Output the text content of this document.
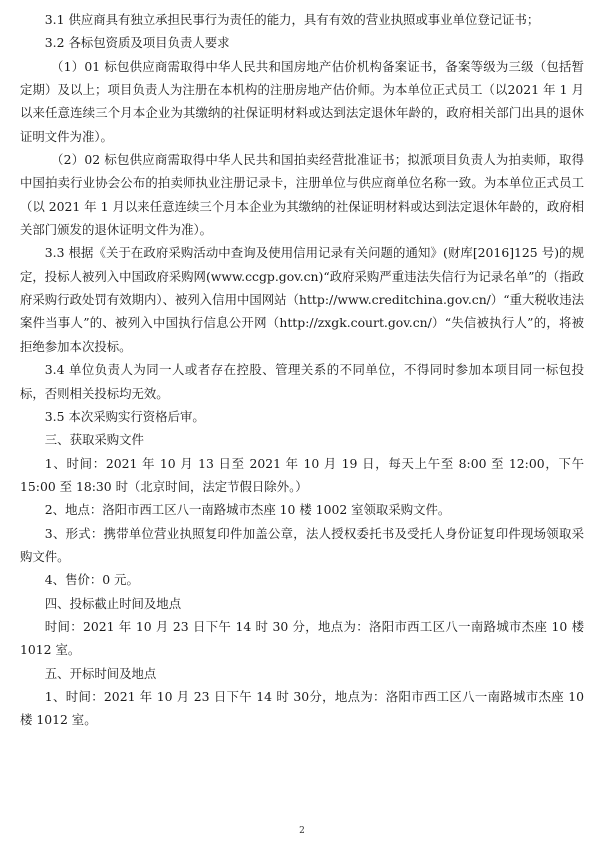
3.1 供应商具有独立承担民事行为责任的能力，具有有效的营业执照或事业单位登记证书；

3.2 各标包资质及项目负责人要求

（1）01 标包供应商需取得中华人民共和国房地产估价机构备案证书，备案等级为三级（包括暂定期）及以上；项目负责人为注册在本机构的注册房地产估价师。为本单位正式员工（以2021 年 1 月以来任意连续三个月本企业为其缴纳的社保证明材料或达到法定退休年龄的，政府相关部门出具的退休证明文件为准）。

（2）02 标包供应商需取得中华人民共和国拍卖经营批准证书；拟派项目负责人为拍卖师，取得中国拍卖行业协会公布的拍卖师执业注册记录卡，注册单位与供应商单位名称一致。为本单位正式员工（以 2021 年 1 月以来任意连续三个月本企业为其缴纳的社保证明材料或达到法定退休年龄的，政府相关部门颁发的退休证明文件为准）。

3.3 根据《关于在政府采购活动中查询及使用信用记录有关问题的通知》(财库[2016]125 号)的规定，投标人被列入中国政府采购网(www.ccgp.gov.cn)“政府采购严重违法失信行为记录名单”的（指政府采购行政处罚有效期内）、被列入信用中国网站（http://www.creditchina.gov.cn/）“重大税收违法案件当事人”的、被列入中国执行信息公开网（http://zxgk.court.gov.cn/）“失信被执行人”的，将被拒绝参加本次投标。

3.4 单位负责人为同一人或者存在控股、管理关系的不同单位，不得同时参加本项目同一标包投标，否则相关投标均无效。

3.5 本次采购实行资格后审。

三、获取采购文件

1、时间：2021 年 10 月 13 日至 2021 年 10 月 19 日，每天上午至 8:00 至 12:00，下午 15:00 至 18:30 时（北京时间，法定节假日除外。）

2、地点：洛阳市西工区八一南路城市杰座 10 楼 1002 室领取采购文件。

3、形式：携带单位营业执照复印件加盖公章，法人授权委托书及受托人身份证复印件现场领取采购文件。

4、售价：0 元。

四、投标截止时间及地点

时间：2021 年 10 月 23 日下午 14 时 30 分，地点为：洛阳市西工区八一南路城市杰座 10 楼 1012 室。

五、开标时间及地点

1、时间：2021 年 10 月 23 日下午 14 时 30分，地点为：洛阳市西工区八一南路城市杰座 10 楼 1012 室。

2
